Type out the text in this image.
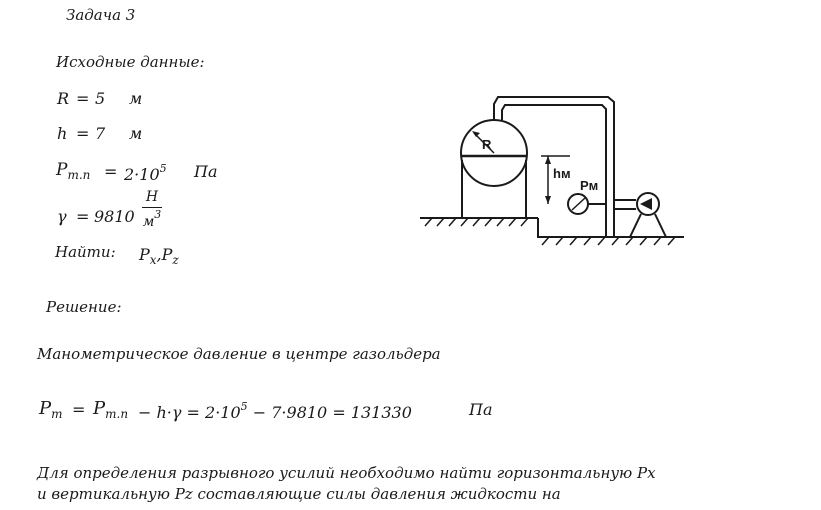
Задача 3
Исходные данные:
R = 5 м
h = 7 м
$P_{m.n} = 2\cdot 10^5$ Па
γ = 9810
Н
$м^3$
Найти: $P_x,P_z$
Решение:
Манометрическое давление в центре газольдера
$P_m = P_{m.n} - h\cdot\gamma = 2\cdot 10^5 - 7\cdot 9810 = 131330$	Па
Для определения разрывного усилий необходимо найти горизонтальную Px
и вертикальную Pz составляющие силы давления жидкости на
R
hм
Pм
